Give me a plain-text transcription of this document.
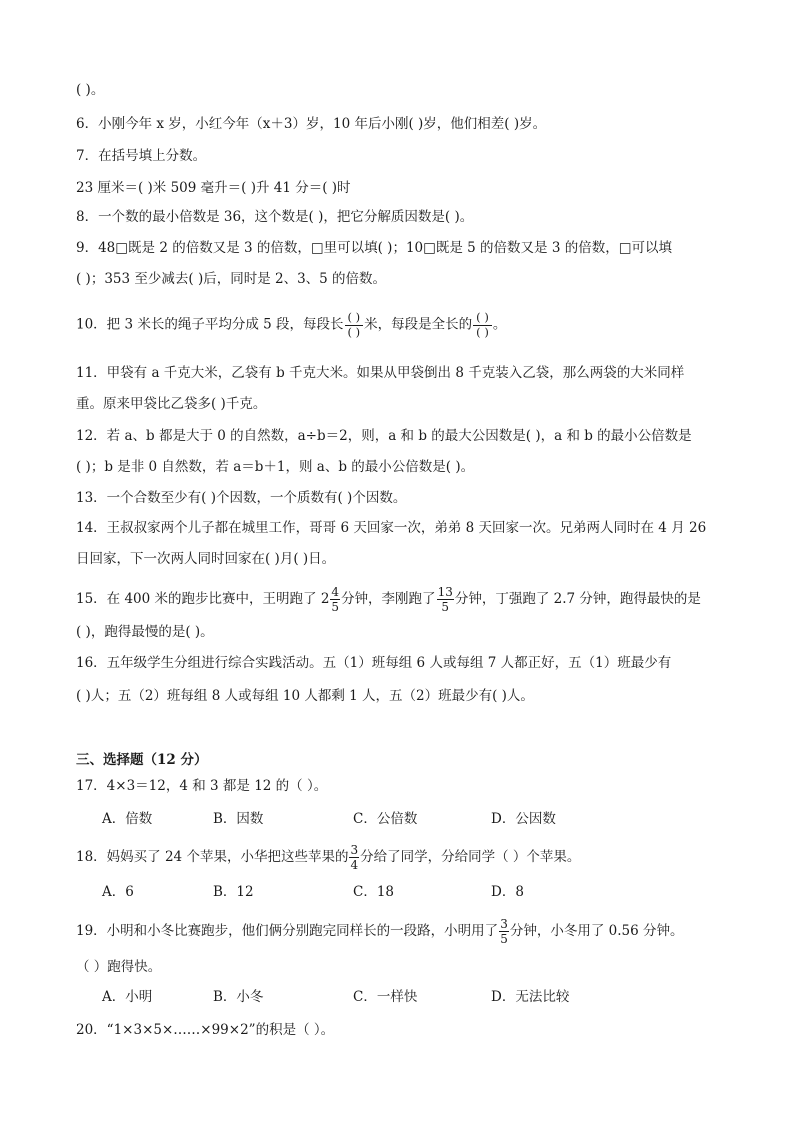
( )。
6．小刚今年 x 岁，小红今年（x＋3）岁，10 年后小刚( )岁，他们相差( )岁。
7．在括号填上分数。
23 厘米＝( )米 509 毫升＝( )升 41 分＝( )时
8．一个数的最小倍数是 36，这个数是( )，把它分解质因数是( )。
9．48□既是 2 的倍数又是 3 的倍数，□里可以填( )；10□既是 5 的倍数又是 3 的倍数，□可以填
( )；353 至少减去( )后，同时是 2、3、5 的倍数。
10．把 3 米长的绳子平均分成 5 段，每段长 $\frac{( )}{( )}$ 米，每段是全长的 $\frac{( )}{( )}$ 。
11．甲袋有 a 千克大米，乙袋有 b 千克大米。如果从甲袋倒出 8 千克装入乙袋，那么两袋的大米同样
重。原来甲袋比乙袋多( )千克。
12．若 a、b 都是大于 0 的自然数，a÷b＝2，则，a 和 b 的最大公因数是( )，a 和 b 的最小公倍数是
( )；b 是非 0 自然数，若 a＝b＋1，则 a、b 的最小公倍数是( )。
13．一个合数至少有( )个因数，一个质数有( )个因数。
14．王叔叔家两个儿子都在城里工作，哥哥 6 天回家一次，弟弟 8 天回家一次。兄弟两人同时在 4 月 26
日回家，下一次两人同时回家在( )月( )日。
15．在 400 米的跑步比赛中，王明跑了 $2 \frac{4}{5}$ 分钟，李刚跑了 $\frac{13}{5}$ 分钟，丁强跑了 2.7 分钟，跑得最快的是
( )，跑得最慢的是( )。
16．五年级学生分组进行综合实践活动。五（1）班每组 6 人或每组 7 人都正好，五（1）班最少有
( )人；五（2）班每组 8 人或每组 10 人都剩 1 人，五（2）班最少有( )人。
三、选择题（12 分）
17．4×3＝12，4 和 3 都是 12 的（ ）。
A．倍数	B．因数	C．公倍数	D．公因数
18．妈妈买了 24 个苹果，小华把这些苹果的 $\frac{3}{4}$ 分给了同学，分给同学（ ）个苹果。
A．6	B．12	C．18	D．8
19．小明和小冬比赛跑步，他们俩分别跑完同样长的一段路，小明用了 $\frac{3}{5}$ 分钟，小冬用了 0.56 分钟。
（ ）跑得快。
A．小明	B．小冬	C．一样快	D．无法比较
20．“1×3×5×……×99×2”的积是（ ）。
